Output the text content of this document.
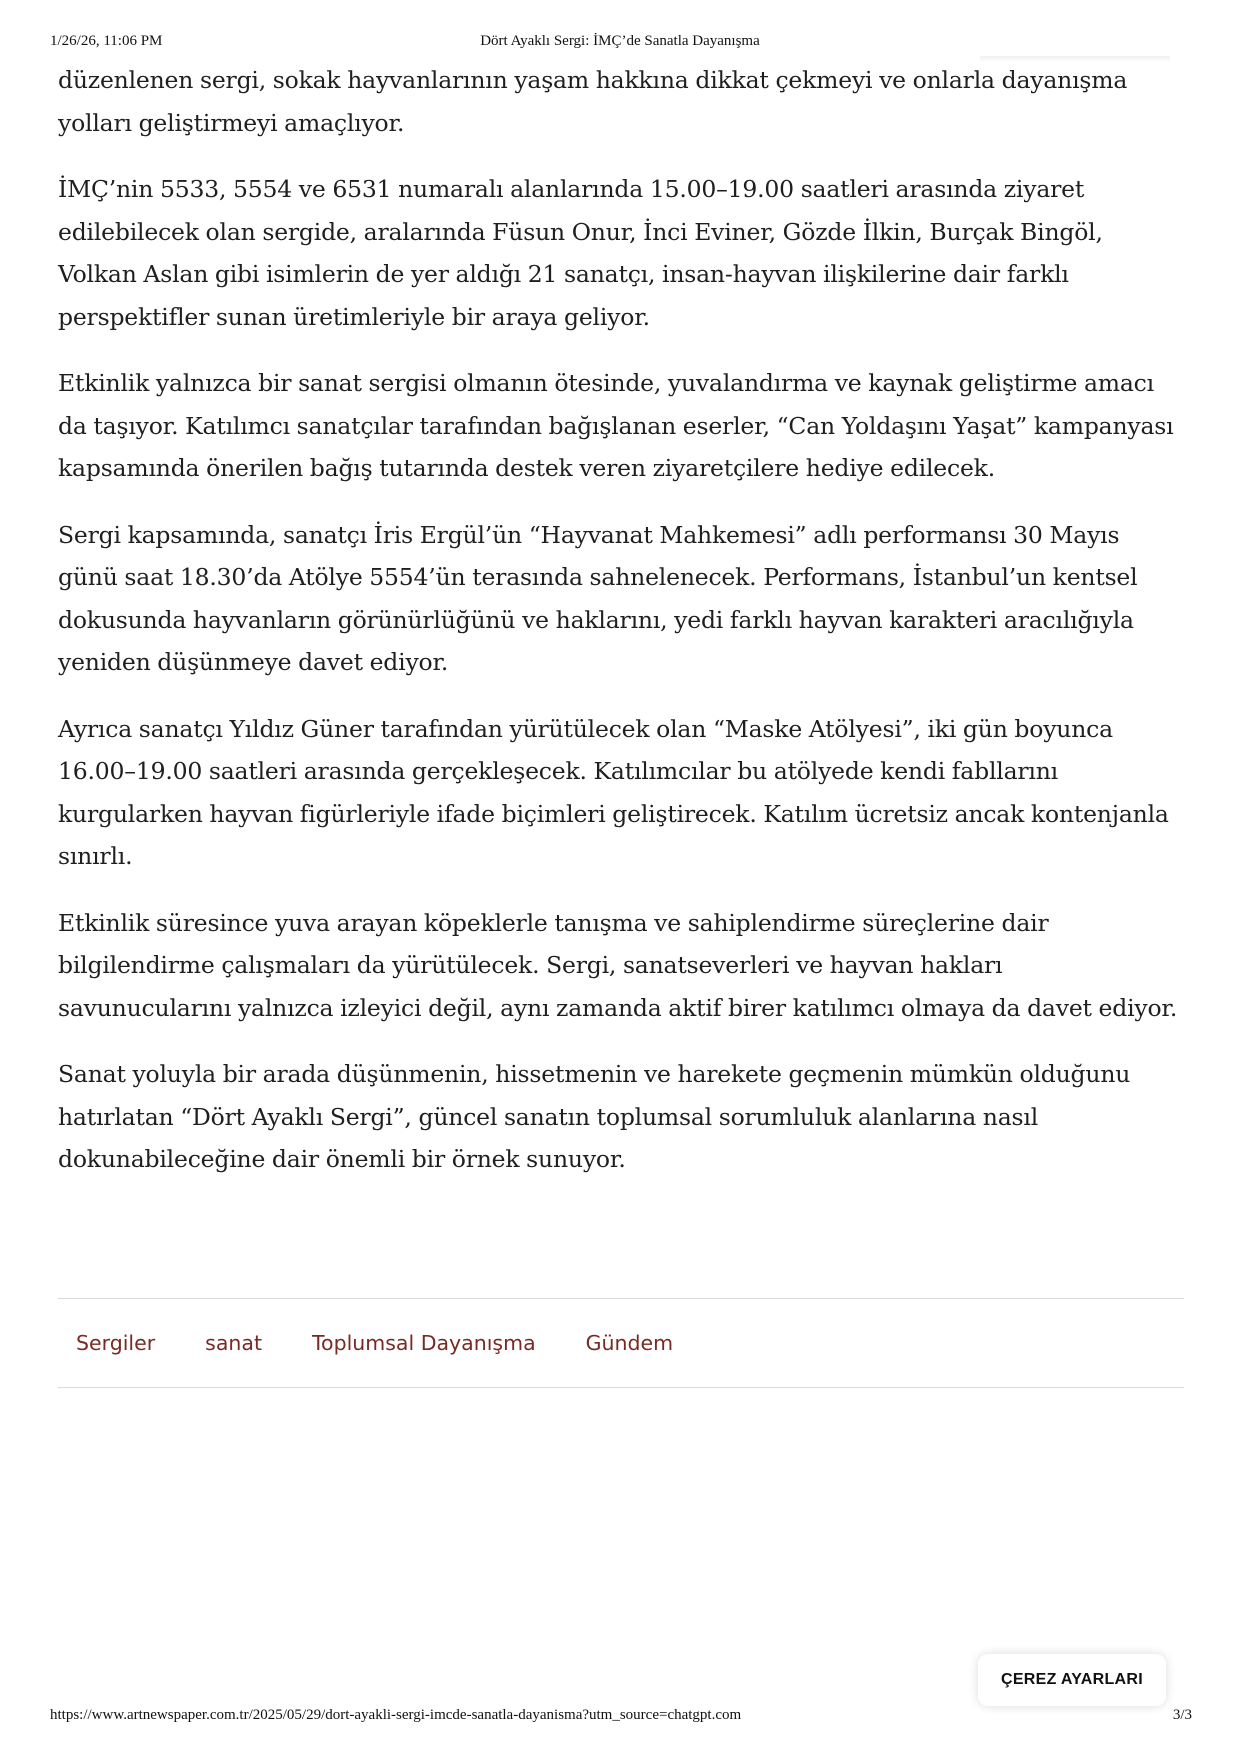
Dört Ayaklı Sergi: İMÇ’de Sanatla Dayanışma
1/26/26, 11:06 PM

düzenlenen sergi, sokak hayvanlarının yaşam hakkına dikkat çekmeyi ve onlarla dayanışma yolları geliştirmeyi amaçlıyor.

İMÇ’nin 5533, 5554 ve 6531 numaralı alanlarında 15.00–19.00 saatleri arasında ziyaret edilebilecek olan sergide, aralarında Füsun Onur, İnci Eviner, Gözde İlkin, Burçak Bingöl, Volkan Aslan gibi isimlerin de yer aldığı 21 sanatçı, insan-hayvan ilişkilerine dair farklı perspektifler sunan üretimleriyle bir araya geliyor.

Etkinlik yalnızca bir sanat sergisi olmanın ötesinde, yuvalandırma ve kaynak geliştirme amacı da taşıyor. Katılımcı sanatçılar tarafından bağışlanan eserler, “Can Yoldaşını Yaşat” kampanyası kapsamında önerilen bağış tutarında destek veren ziyaretçilere hediye edilecek.

Sergi kapsamında, sanatçı İris Ergül’ün “Hayvanat Mahkemesi” adlı performansı 30 Mayıs günü saat 18.30’da Atölye 5554’ün terasında sahnelenecek. Performans, İstanbul’un kentsel dokusunda hayvanların görünürlüğünü ve haklarını, yedi farklı hayvan karakteri aracılığıyla yeniden düşünmeye davet ediyor.

Ayrıca sanatçı Yıldız Güner tarafından yürütülecek olan “Maske Atölyesi”, iki gün boyunca 16.00–19.00 saatleri arasında gerçekleşecek. Katılımcılar bu atölyede kendi fabllarını kurgularken hayvan figürleriyle ifade biçimleri geliştirecek. Katılım ücretsiz ancak kontenjanla sınırlı.

Etkinlik süresince yuva arayan köpeklerle tanışma ve sahiplendirme süreçlerine dair bilgilendirme çalışmaları da yürütülecek. Sergi, sanatseverleri ve hayvan hakları savunucularını yalnızca izleyici değil, aynı zamanda aktif birer katılımcı olmaya da davet ediyor.

Sanat yoluyla bir arada düşünmenin, hissetmenin ve harekete geçmenin mümkün olduğunu hatırlatan “Dört Ayaklı Sergi”, güncel sanatın toplumsal sorumluluk alanlarına nasıl dokunabileceğine dair önemli bir örnek sunuyor.

Sergiler sanat Toplumsal Dayanışma Gündem
ÇEREZ AYARLARI
https://www.artnewspaper.com.tr/2025/05/29/dort-ayakli-sergi-imcde-sanatla-dayanisma?utm_source=chatgpt.com	3/3
